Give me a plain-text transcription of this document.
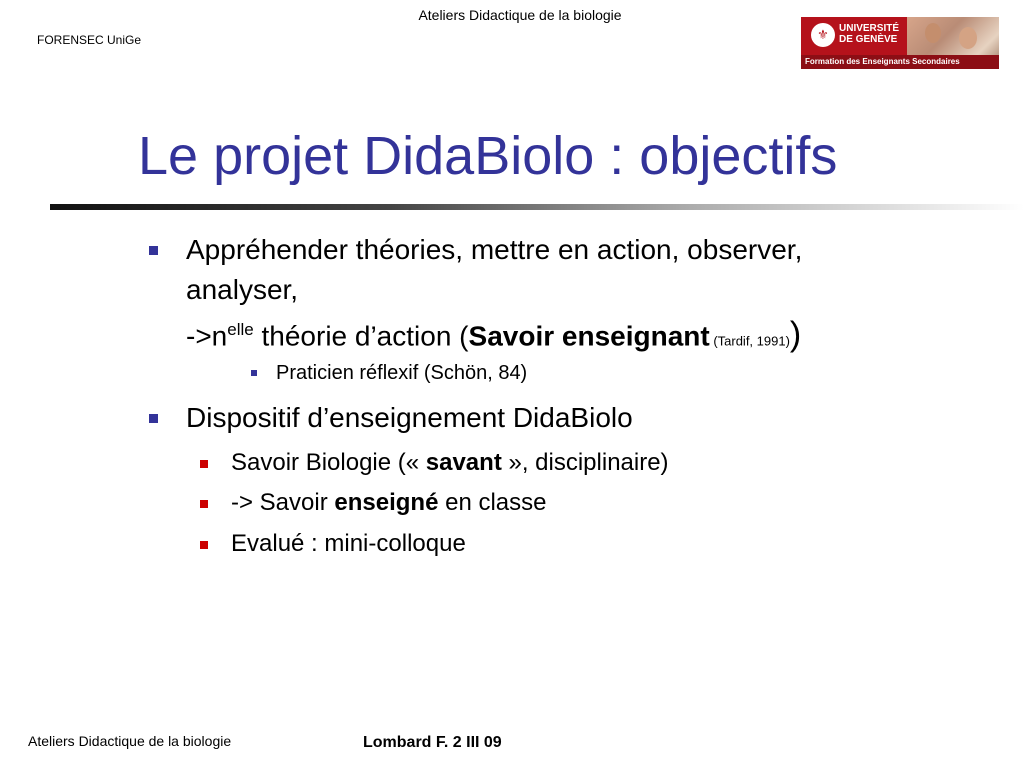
Ateliers Didactique de la biologie
FORENSEC UniGe	⚜	UNIVERSITÉ DE GENÈVE
Formation des Enseignants Secondaires
Le projet DidaBiolo : objectifs
Appréhender théories, mettre en action, observer,
analyser,
$->n^{elle}$ théorie d’action (Savoir enseignant (Tardif, 1991))
Praticien réflexif (Schön, 84)
Dispositif d’enseignement DidaBiolo
Savoir Biologie (« savant », disciplinaire)
-> Savoir enseigné en classe
Evalué : mini-colloque
Ateliers Didactique de la biologie	Lombard F. 2 III 09
